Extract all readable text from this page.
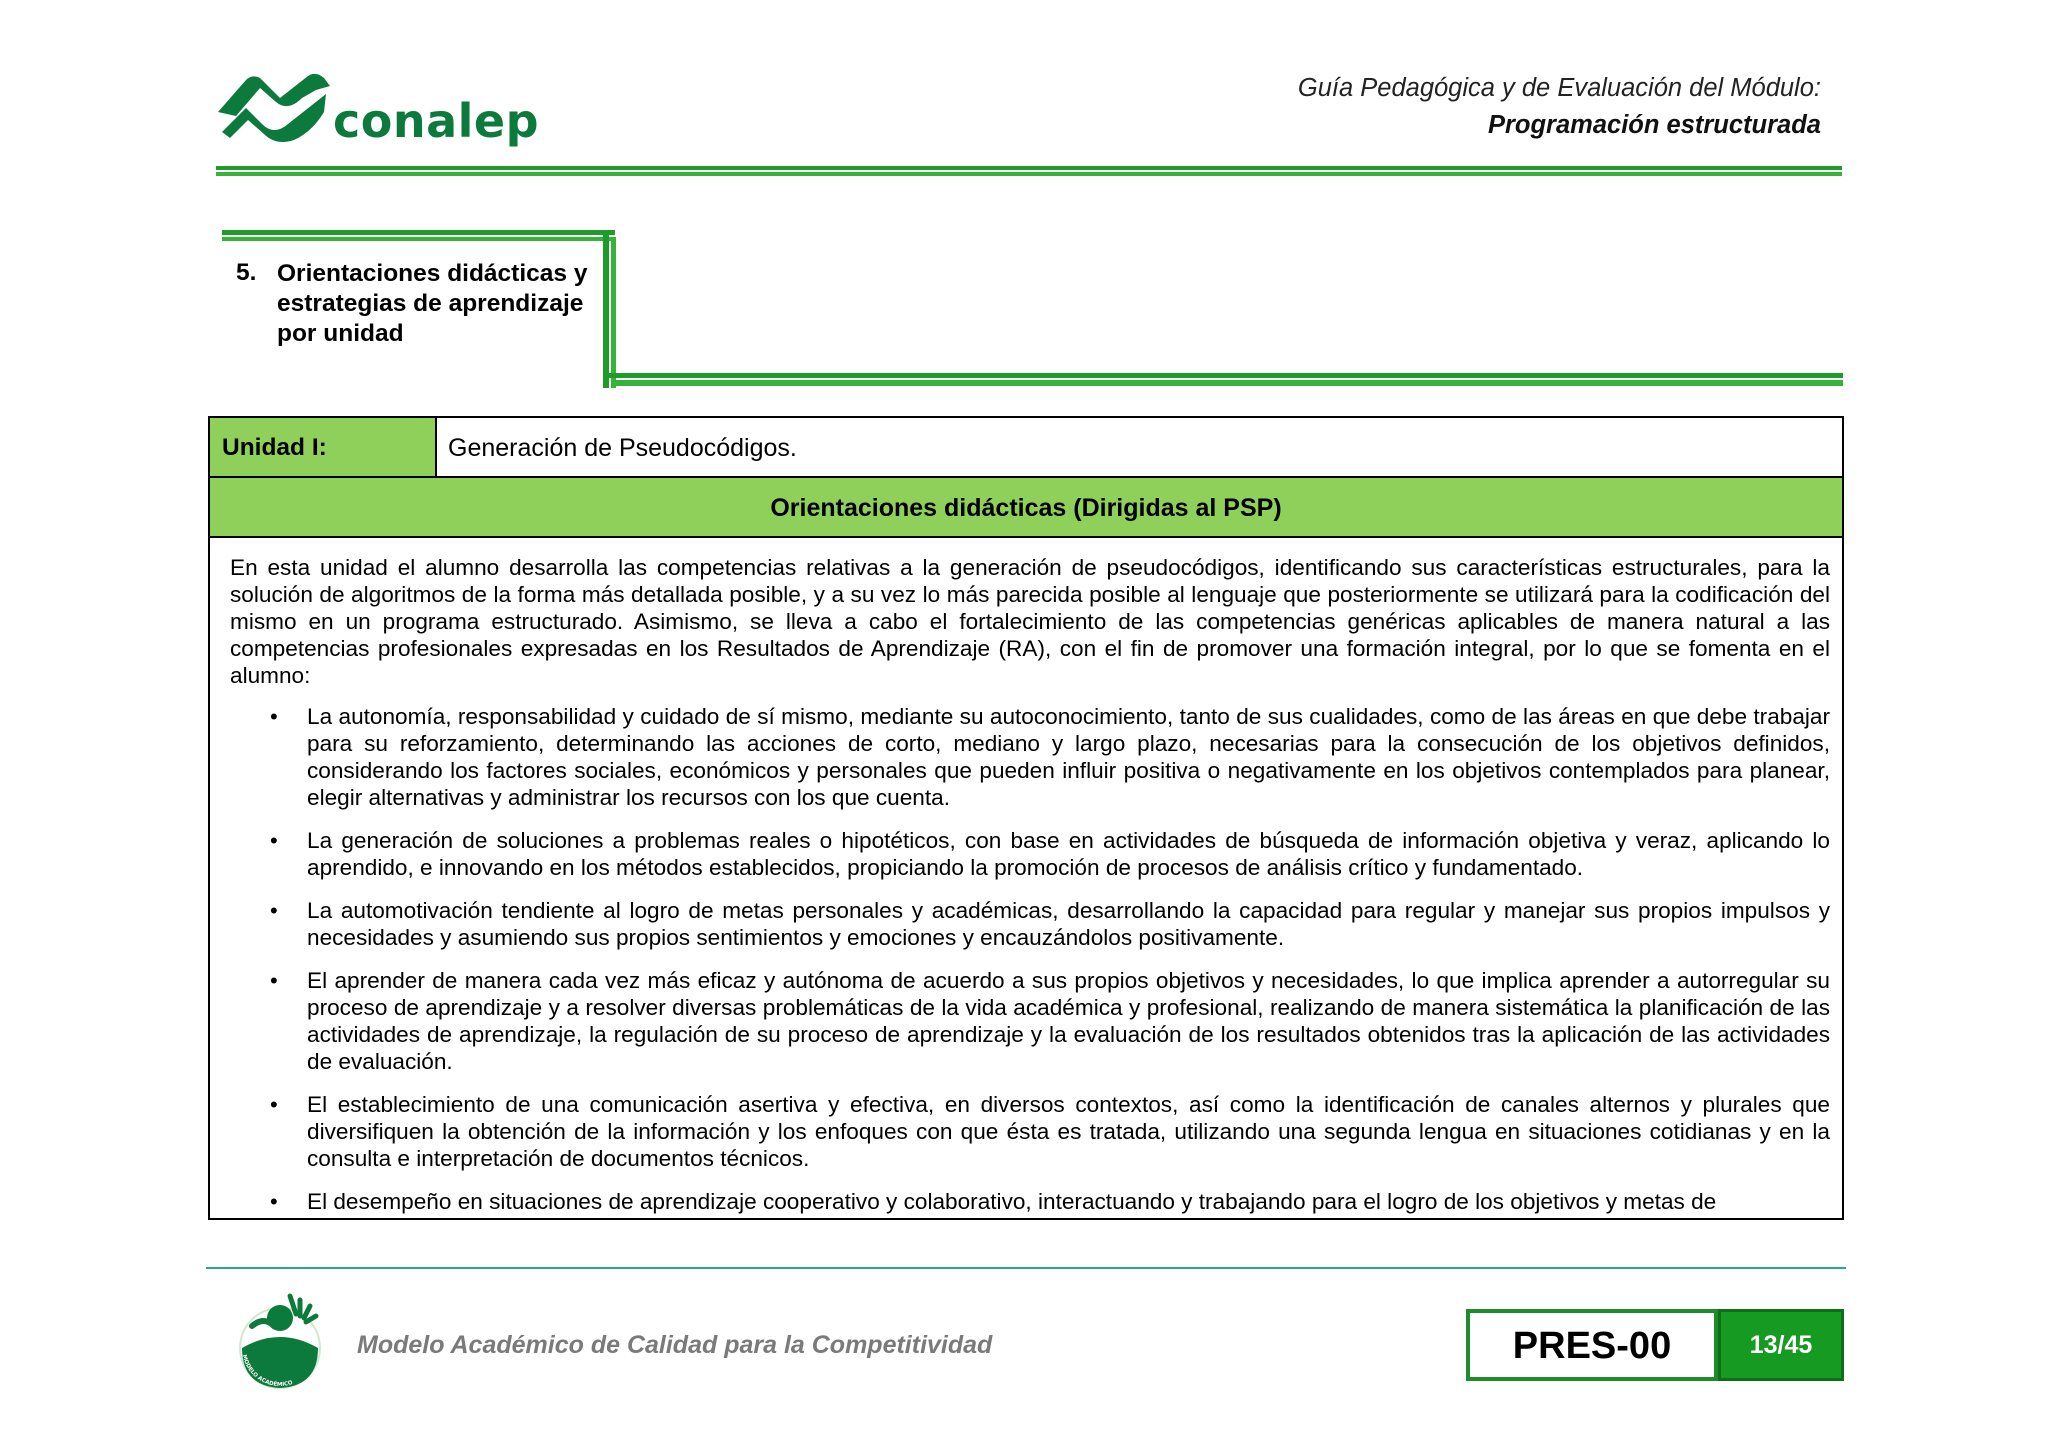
conalep
Guía Pedagógica y de Evaluación del Módulo:
Programación estructurada
5. Orientaciones didácticas y estrategias de aprendizaje por unidad
Unidad I:	Generación de Pseudocódigos.
Orientaciones didácticas (Dirigidas al PSP)

En esta unidad el alumno desarrolla las competencias relativas a la generación de pseudocódigos, identificando sus características estructurales, para la solución de algoritmos de la forma más detallada posible, y a su vez lo más parecida posible al lenguaje que posteriormente se utilizará para la codificación del mismo en un programa estructurado. Asimismo, se lleva a cabo el fortalecimiento de las competencias genéricas aplicables de manera natural a las competencias profesionales expresadas en los Resultados de Aprendizaje (RA), con el fin de promover una formación integral, por lo que se fomenta en el alumno:

• La autonomía, responsabilidad y cuidado de sí mismo, mediante su autoconocimiento, tanto de sus cualidades, como de las áreas en que debe trabajar para su reforzamiento, determinando las acciones de corto, mediano y largo plazo, necesarias para la consecución de los objetivos definidos, considerando los factores sociales, económicos y personales que pueden influir positiva o negativamente en los objetivos contemplados para planear, elegir alternativas y administrar los recursos con los que cuenta.
• La generación de soluciones a problemas reales o hipotéticos, con base en actividades de búsqueda de información objetiva y veraz, aplicando lo aprendido, e innovando en los métodos establecidos, propiciando la promoción de procesos de análisis crítico y fundamentado.
• La automotivación tendiente al logro de metas personales y académicas, desarrollando la capacidad para regular y manejar sus propios impulsos y necesidades y asumiendo sus propios sentimientos y emociones y encauzándolos positivamente.
• El aprender de manera cada vez más eficaz y autónoma de acuerdo a sus propios objetivos y necesidades, lo que implica aprender a autorregular su proceso de aprendizaje y a resolver diversas problemáticas de la vida académica y profesional, realizando de manera sistemática la planificación de las actividades de aprendizaje, la regulación de su proceso de aprendizaje y la evaluación de los resultados obtenidos tras la aplicación de las actividades de evaluación.
• El establecimiento de una comunicación asertiva y efectiva, en diversos contextos, así como la identificación de canales alternos y plurales que diversifiquen la obtención de la información y los enfoques con que ésta es tratada, utilizando una segunda lengua en situaciones cotidianas y en la consulta e interpretación de documentos técnicos.
• El desempeño en situaciones de aprendizaje cooperativo y colaborativo, interactuando y trabajando para el logro de los objetivos y metas de
MODELO ACADÉMICO
Modelo Académico de Calidad para la Competitividad	PRES-00	13/45
